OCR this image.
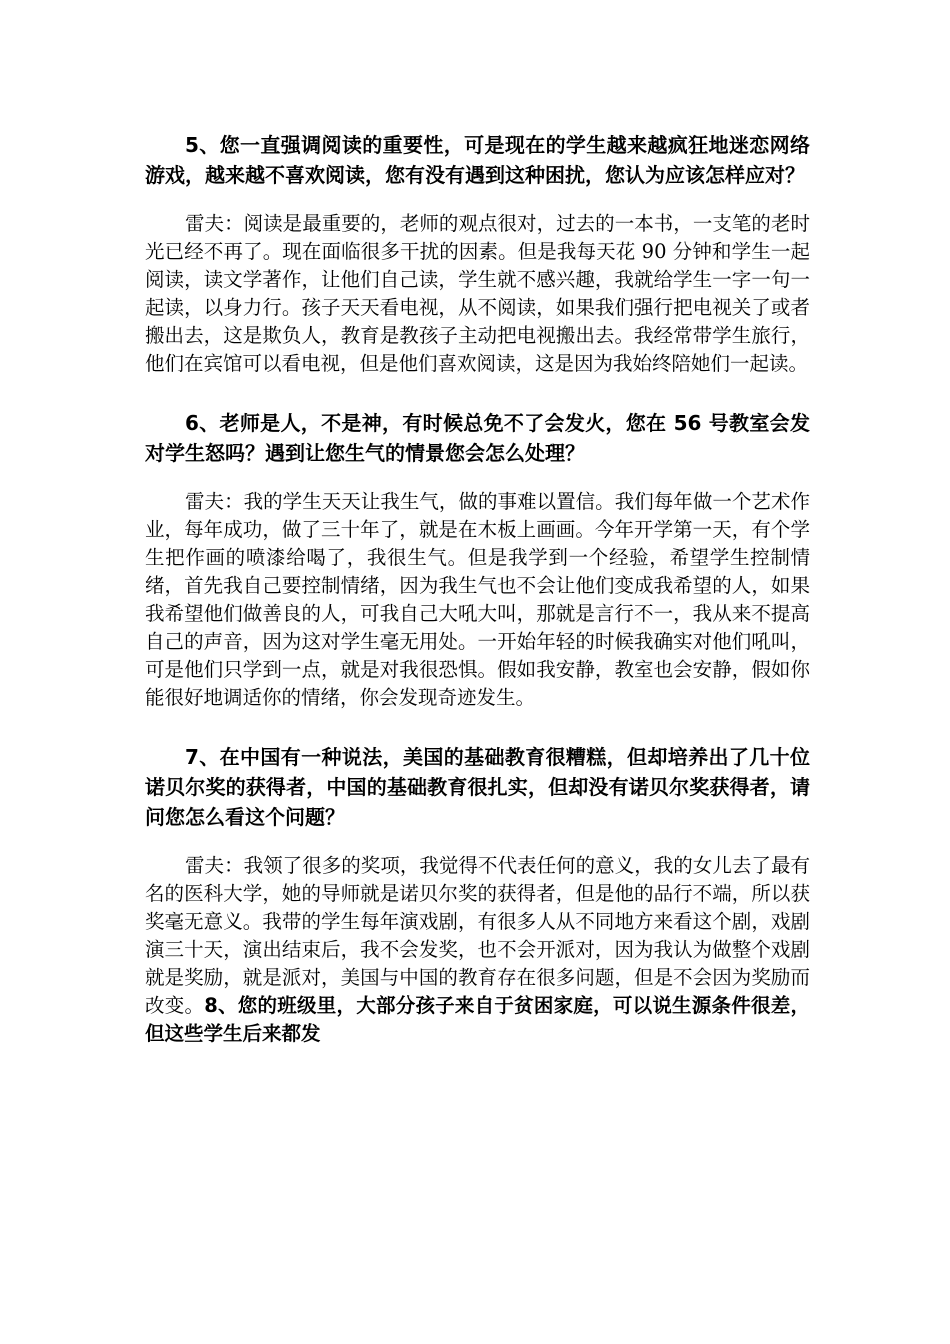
5、您一直强调阅读的重要性，可是现在的学生越来越疯狂地迷恋网络游戏，越来越不喜欢阅读，您有没有遇到这种困扰，您认为应该怎样应对？

雷夫：阅读是最重要的，老师的观点很对，过去的一本书，一支笔的老时光已经不再了。现在面临很多干扰的因素。但是我每天花 90 分钟和学生一起阅读，读文学著作，让他们自己读，学生就不感兴趣，我就给学生一字一句一起读，以身力行。孩子天天看电视，从不阅读，如果我们强行把电视关了或者搬出去，这是欺负人，教育是教孩子主动把电视搬出去。我经常带学生旅行，他们在宾馆可以看电视，但是他们喜欢阅读，这是因为我始终陪她们一起读。

6、老师是人，不是神，有时候总免不了会发火，您在 56 号教室会发对学生怒吗？遇到让您生气的情景您会怎么处理？

雷夫：我的学生天天让我生气，做的事难以置信。我们每年做一个艺术作业，每年成功，做了三十年了，就是在木板上画画。今年开学第一天，有个学生把作画的喷漆给喝了，我很生气。但是我学到一个经验，希望学生控制情绪，首先我自己要控制情绪，因为我生气也不会让他们变成我希望的人，如果我希望他们做善良的人，可我自己大吼大叫，那就是言行不一，我从来不提高自己的声音，因为这对学生毫无用处。一开始年轻的时候我确实对他们吼叫，可是他们只学到一点，就是对我很恐惧。假如我安静，教室也会安静，假如你能很好地调适你的情绪，你会发现奇迹发生。

7、在中国有一种说法，美国的基础教育很糟糕，但却培养出了几十位诺贝尔奖的获得者，中国的基础教育很扎实，但却没有诺贝尔奖获得者，请问您怎么看这个问题？

雷夫：我领了很多的奖项，我觉得不代表任何的意义，我的女儿去了最有名的医科大学，她的导师就是诺贝尔奖的获得者，但是他的品行不端，所以获奖毫无意义。我带的学生每年演戏剧，有很多人从不同地方来看这个剧，戏剧演三十天，演出结束后，我不会发奖，也不会开派对，因为我认为做整个戏剧就是奖励，就是派对，美国与中国的教育存在很多问题，但是不会因为奖励而改变。8、您的班级里，大部分孩子来自于贫困家庭，可以说生源条件很差，但这些学生后来都发
